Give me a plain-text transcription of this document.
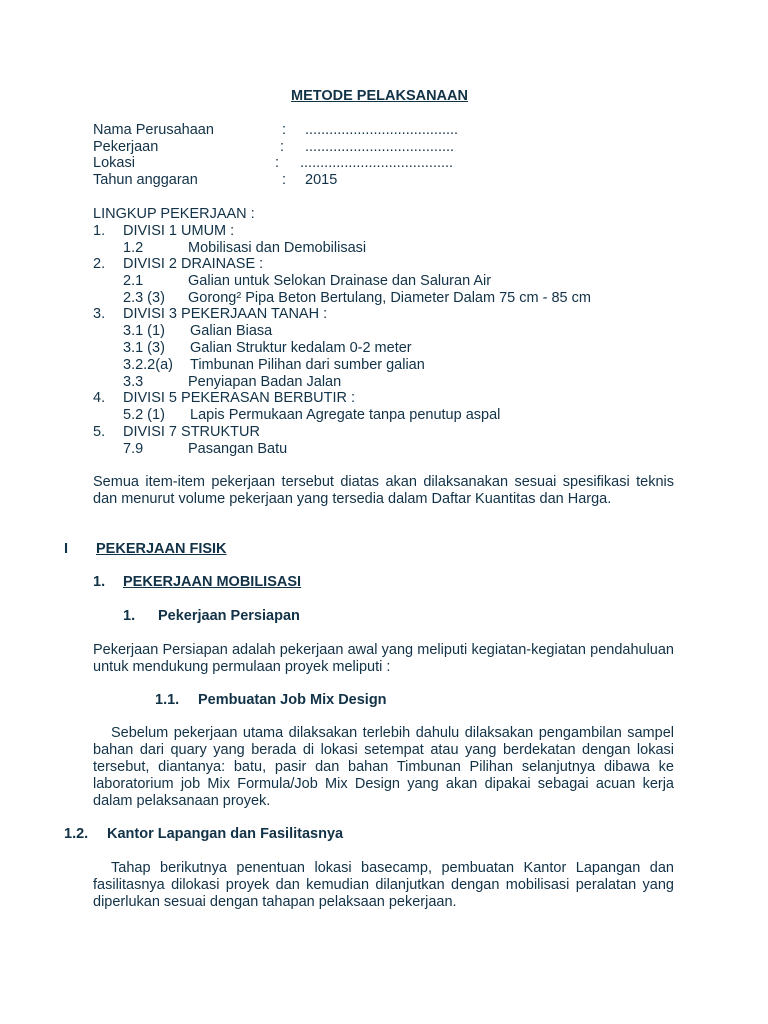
METODE PELAKSANAAN
Nama Perusahaan	: ......................................
Pekerjaan	: .....................................
Lokasi	: ......................................
Tahun anggaran	: 2015
LINGKUP PEKERJAAN :
1. DIVISI 1 UMUM :
1.2	Mobilisasi dan Demobilisasi
2. DIVISI 2 DRAINASE :
2.1	Galian untuk Selokan Drainase dan Saluran Air
2.3 (3) Gorong² Pipa Beton Bertulang, Diameter Dalam 75 cm - 85 cm
3. DIVISI 3 PEKERJAAN TANAH :
3.1 (1) Galian Biasa
3.1 (3) Galian Struktur kedalam 0-2 meter
3.2.2(a) Timbunan Pilihan dari sumber galian
3.3	Penyiapan Badan Jalan
4. DIVISI 5 PEKERASAN BERBUTIR :
5.2 (1) Lapis Permukaan Agregate tanpa penutup aspal
5. DIVISI 7 STRUKTUR
7.9	Pasangan Batu
Semua item-item pekerjaan tersebut diatas akan dilaksanakan sesuai spesifikasi teknis dan menurut volume pekerjaan yang tersedia dalam Daftar Kuantitas dan Harga.
I PEKERJAAN FISIK
1. PEKERJAAN MOBILISASI
1. Pekerjaan Persiapan
Pekerjaan Persiapan adalah pekerjaan awal yang meliputi kegiatan-kegiatan pendahuluan untuk mendukung permulaan proyek meliputi :
1.1. Pembuatan Job Mix Design
Sebelum pekerjaan utama dilaksakan terlebih dahulu dilaksakan pengambilan sampel bahan dari quary yang berada di lokasi setempat atau yang berdekatan dengan lokasi tersebut, diantanya: batu, pasir dan bahan Timbunan Pilihan selanjutnya dibawa ke laboratorium job Mix Formula/Job Mix Design yang akan dipakai sebagai acuan kerja dalam pelaksanaan proyek.
1.2. Kantor Lapangan dan Fasilitasnya
Tahap berikutnya penentuan lokasi basecamp, pembuatan Kantor Lapangan dan fasilitasnya dilokasi proyek dan kemudian dilanjutkan dengan mobilisasi peralatan yang diperlukan sesuai dengan tahapan pelaksaan pekerjaan.
